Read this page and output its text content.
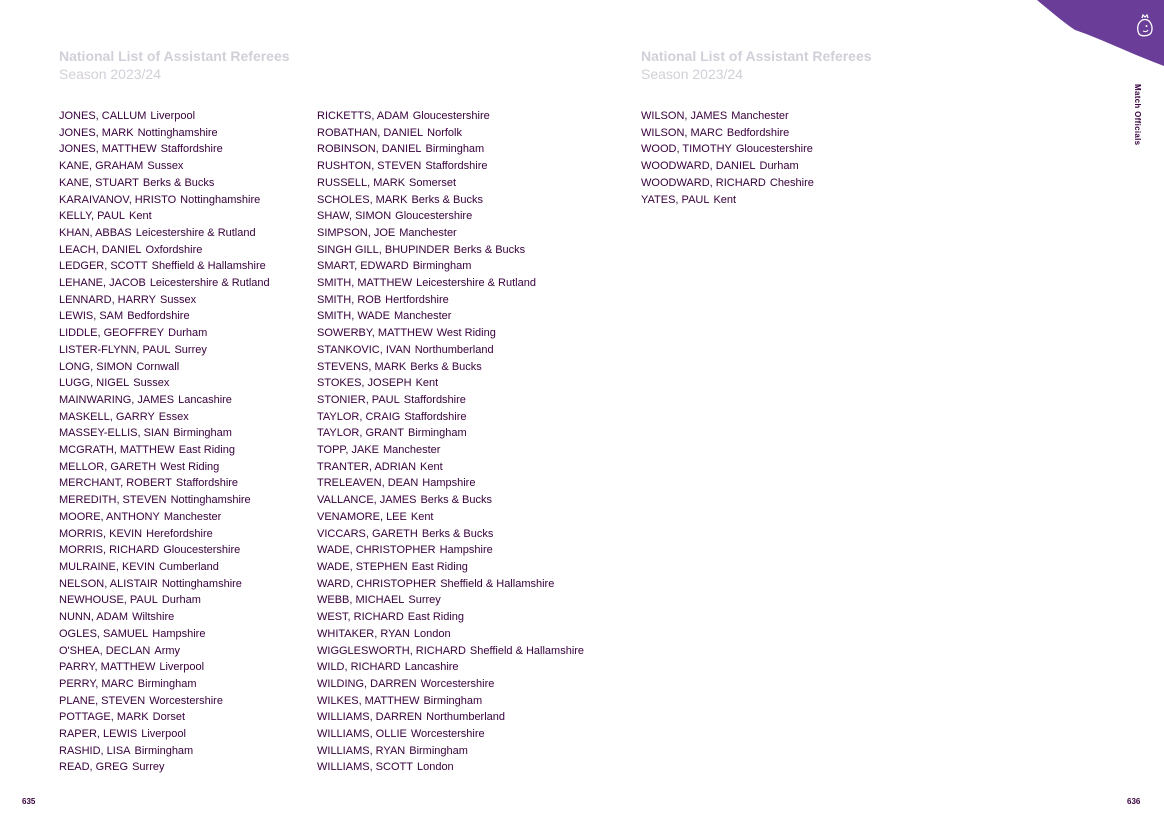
National List of Assistant Referees
Season 2023/24
National List of Assistant Referees
Season 2023/24
JONES, CALLUM Liverpool
JONES, MARK Nottinghamshire
JONES, MATTHEW Staffordshire
KANE, GRAHAM Sussex
KANE, STUART Berks & Bucks
KARAIVANOV, HRISTO Nottinghamshire
KELLY, PAUL Kent
KHAN, ABBAS Leicestershire & Rutland
LEACH, DANIEL Oxfordshire
LEDGER, SCOTT Sheffield & Hallamshire
LEHANE, JACOB Leicestershire & Rutland
LENNARD, HARRY Sussex
LEWIS, SAM Bedfordshire
LIDDLE, GEOFFREY Durham
LISTER-FLYNN, PAUL Surrey
LONG, SIMON Cornwall
LUGG, NIGEL Sussex
MAINWARING, JAMES Lancashire
MASKELL, GARRY Essex
MASSEY-ELLIS, SIAN Birmingham
MCGRATH, MATTHEW East Riding
MELLOR, GARETH West Riding
MERCHANT, ROBERT Staffordshire
MEREDITH, STEVEN Nottinghamshire
MOORE, ANTHONY Manchester
MORRIS, KEVIN Herefordshire
MORRIS, RICHARD Gloucestershire
MULRAINE, KEVIN Cumberland
NELSON, ALISTAIR Nottinghamshire
NEWHOUSE, PAUL Durham
NUNN, ADAM Wiltshire
OGLES, SAMUEL Hampshire
O'SHEA, DECLAN Army
PARRY, MATTHEW Liverpool
PERRY, MARC Birmingham
PLANE, STEVEN Worcestershire
POTTAGE, MARK Dorset
RAPER, LEWIS Liverpool
RASHID, LISA Birmingham
READ, GREG Surrey
RICKETTS, ADAM Gloucestershire
ROBATHAN, DANIEL Norfolk
ROBINSON, DANIEL Birmingham
RUSHTON, STEVEN Staffordshire
RUSSELL, MARK Somerset
SCHOLES, MARK Berks & Bucks
SHAW, SIMON Gloucestershire
SIMPSON, JOE Manchester
SINGH GILL, BHUPINDER Berks & Bucks
SMART, EDWARD Birmingham
SMITH, MATTHEW Leicestershire & Rutland
SMITH, ROB Hertfordshire
SMITH, WADE Manchester
SOWERBY, MATTHEW West Riding
STANKOVIC, IVAN Northumberland
STEVENS, MARK Berks & Bucks
STOKES, JOSEPH Kent
STONIER, PAUL Staffordshire
TAYLOR, CRAIG Staffordshire
TAYLOR, GRANT Birmingham
TOPP, JAKE Manchester
TRANTER, ADRIAN Kent
TRELEAVEN, DEAN Hampshire
VALLANCE, JAMES Berks & Bucks
VENAMORE, LEE Kent
VICCARS, GARETH Berks & Bucks
WADE, CHRISTOPHER Hampshire
WADE, STEPHEN East Riding
WARD, CHRISTOPHER Sheffield & Hallamshire
WEBB, MICHAEL Surrey
WEST, RICHARD East Riding
WHITAKER, RYAN London
WIGGLESWORTH, RICHARD Sheffield & Hallamshire
WILD, RICHARD Lancashire
WILDING, DARREN Worcestershire
WILKES, MATTHEW Birmingham
WILLIAMS, DARREN Northumberland
WILLIAMS, OLLIE Worcestershire
WILLIAMS, RYAN Birmingham
WILLIAMS, SCOTT London
WILSON, JAMES Manchester
WILSON, MARC Bedfordshire
WOOD, TIMOTHY Gloucestershire
WOODWARD, DANIEL Durham
WOODWARD, RICHARD Cheshire
YATES, PAUL Kent
Match Officials
635	636
